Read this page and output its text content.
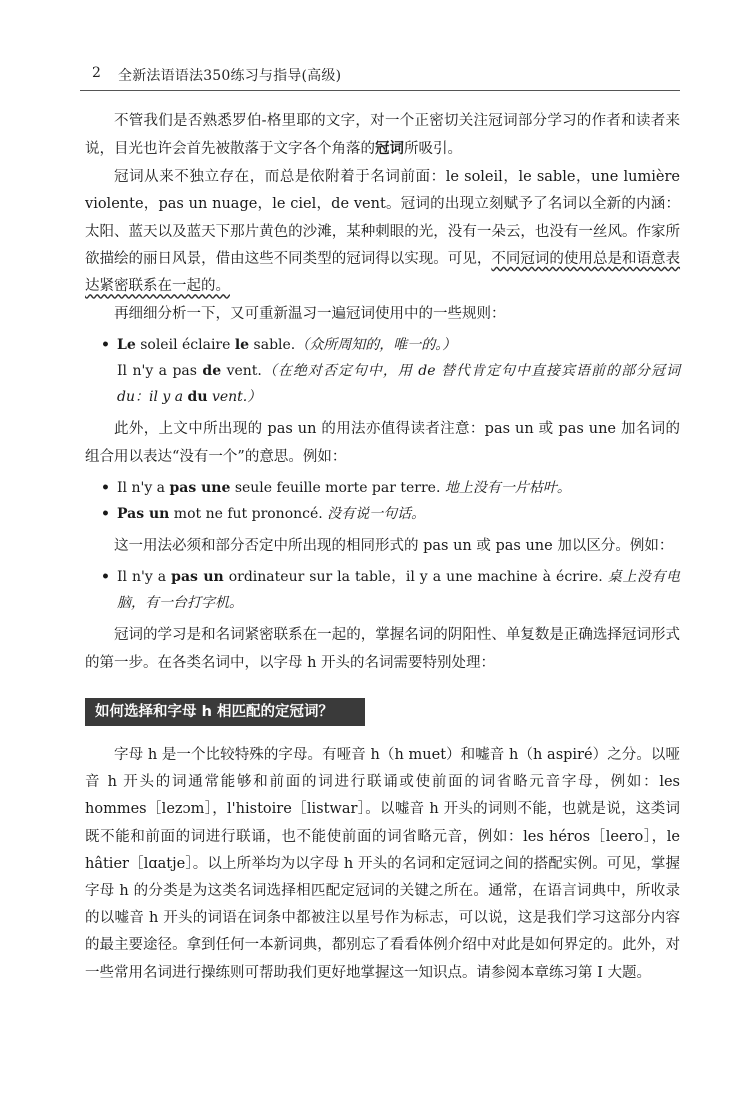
2 全新法语语法350练习与指导(高级)

不管我们是否熟悉罗伯-格里耶的文字，对一个正密切关注冠词部分学习的作者和读者来说，目光也许会首先被散落于文字各个角落的冠词所吸引。

冠词从来不独立存在，而总是依附着于名词前面：le soleil，le sable，une lumière violente，pas un nuage，le ciel，de vent。冠词的出现立刻赋予了名词以全新的内涵：太阳、蓝天以及蓝天下那片黄色的沙滩，某种刺眼的光，没有一朵云，也没有一丝风。作家所欲描绘的丽日风景，借由这些不同类型的冠词得以实现。可见，不同冠词的使用总是和语意表达紧密联系在一起的。

再细细分析一下，又可重新温习一遍冠词使用中的一些规则：

• Le soleil éclaire le sable.（众所周知的，唯一的。）
Il n'y a pas de vent.（在绝对否定句中，用 de 替代肯定句中直接宾语前的部分冠词 du：il y a du vent.）

此外，上文中所出现的 pas un 的用法亦值得读者注意：pas un 或 pas une 加名词的组合用以表达“没有一个”的意思。例如：

• Il n'y a pas une seule feuille morte par terre. 地上没有一片枯叶。
• Pas un mot ne fut prononcé. 没有说一句话。

这一用法必须和部分否定中所出现的相同形式的 pas un 或 pas une 加以区分。例如：

• Il n'y a pas un ordinateur sur la table，il y a une machine à écrire. 桌上没有电脑，有一台打字机。

冠词的学习是和名词紧密联系在一起的，掌握名词的阴阳性、单复数是正确选择冠词形式的第一步。在各类名词中，以字母 h 开头的名词需要特别处理：

如何选择和字母 h 相匹配的定冠词？

字母 h 是一个比较特殊的字母。有哑音 h（h muet）和嘘音 h（h aspiré）之分。以哑音 h 开头的词通常能够和前面的词进行联诵或使前面的词省略元音字母，例如：les hommes［lezɔm］，l'histoire［listwar］。以嘘音 h 开头的词则不能，也就是说，这类词既不能和前面的词进行联诵，也不能使前面的词省略元音，例如：les héros［leero］，le hâtier［lɑatje］。以上所举均为以字母 h 开头的名词和定冠词之间的搭配实例。可见，掌握字母 h 的分类是为这类名词选择相匹配定冠词的关键之所在。通常，在语言词典中，所收录的以嘘音 h 开头的词语在词条中都被注以星号作为标志，可以说，这是我们学习这部分内容的最主要途径。拿到任何一本新词典，都别忘了看看体例介绍中对此是如何界定的。此外，对一些常用名词进行操练则可帮助我们更好地掌握这一知识点。请参阅本章练习第 I 大题。
